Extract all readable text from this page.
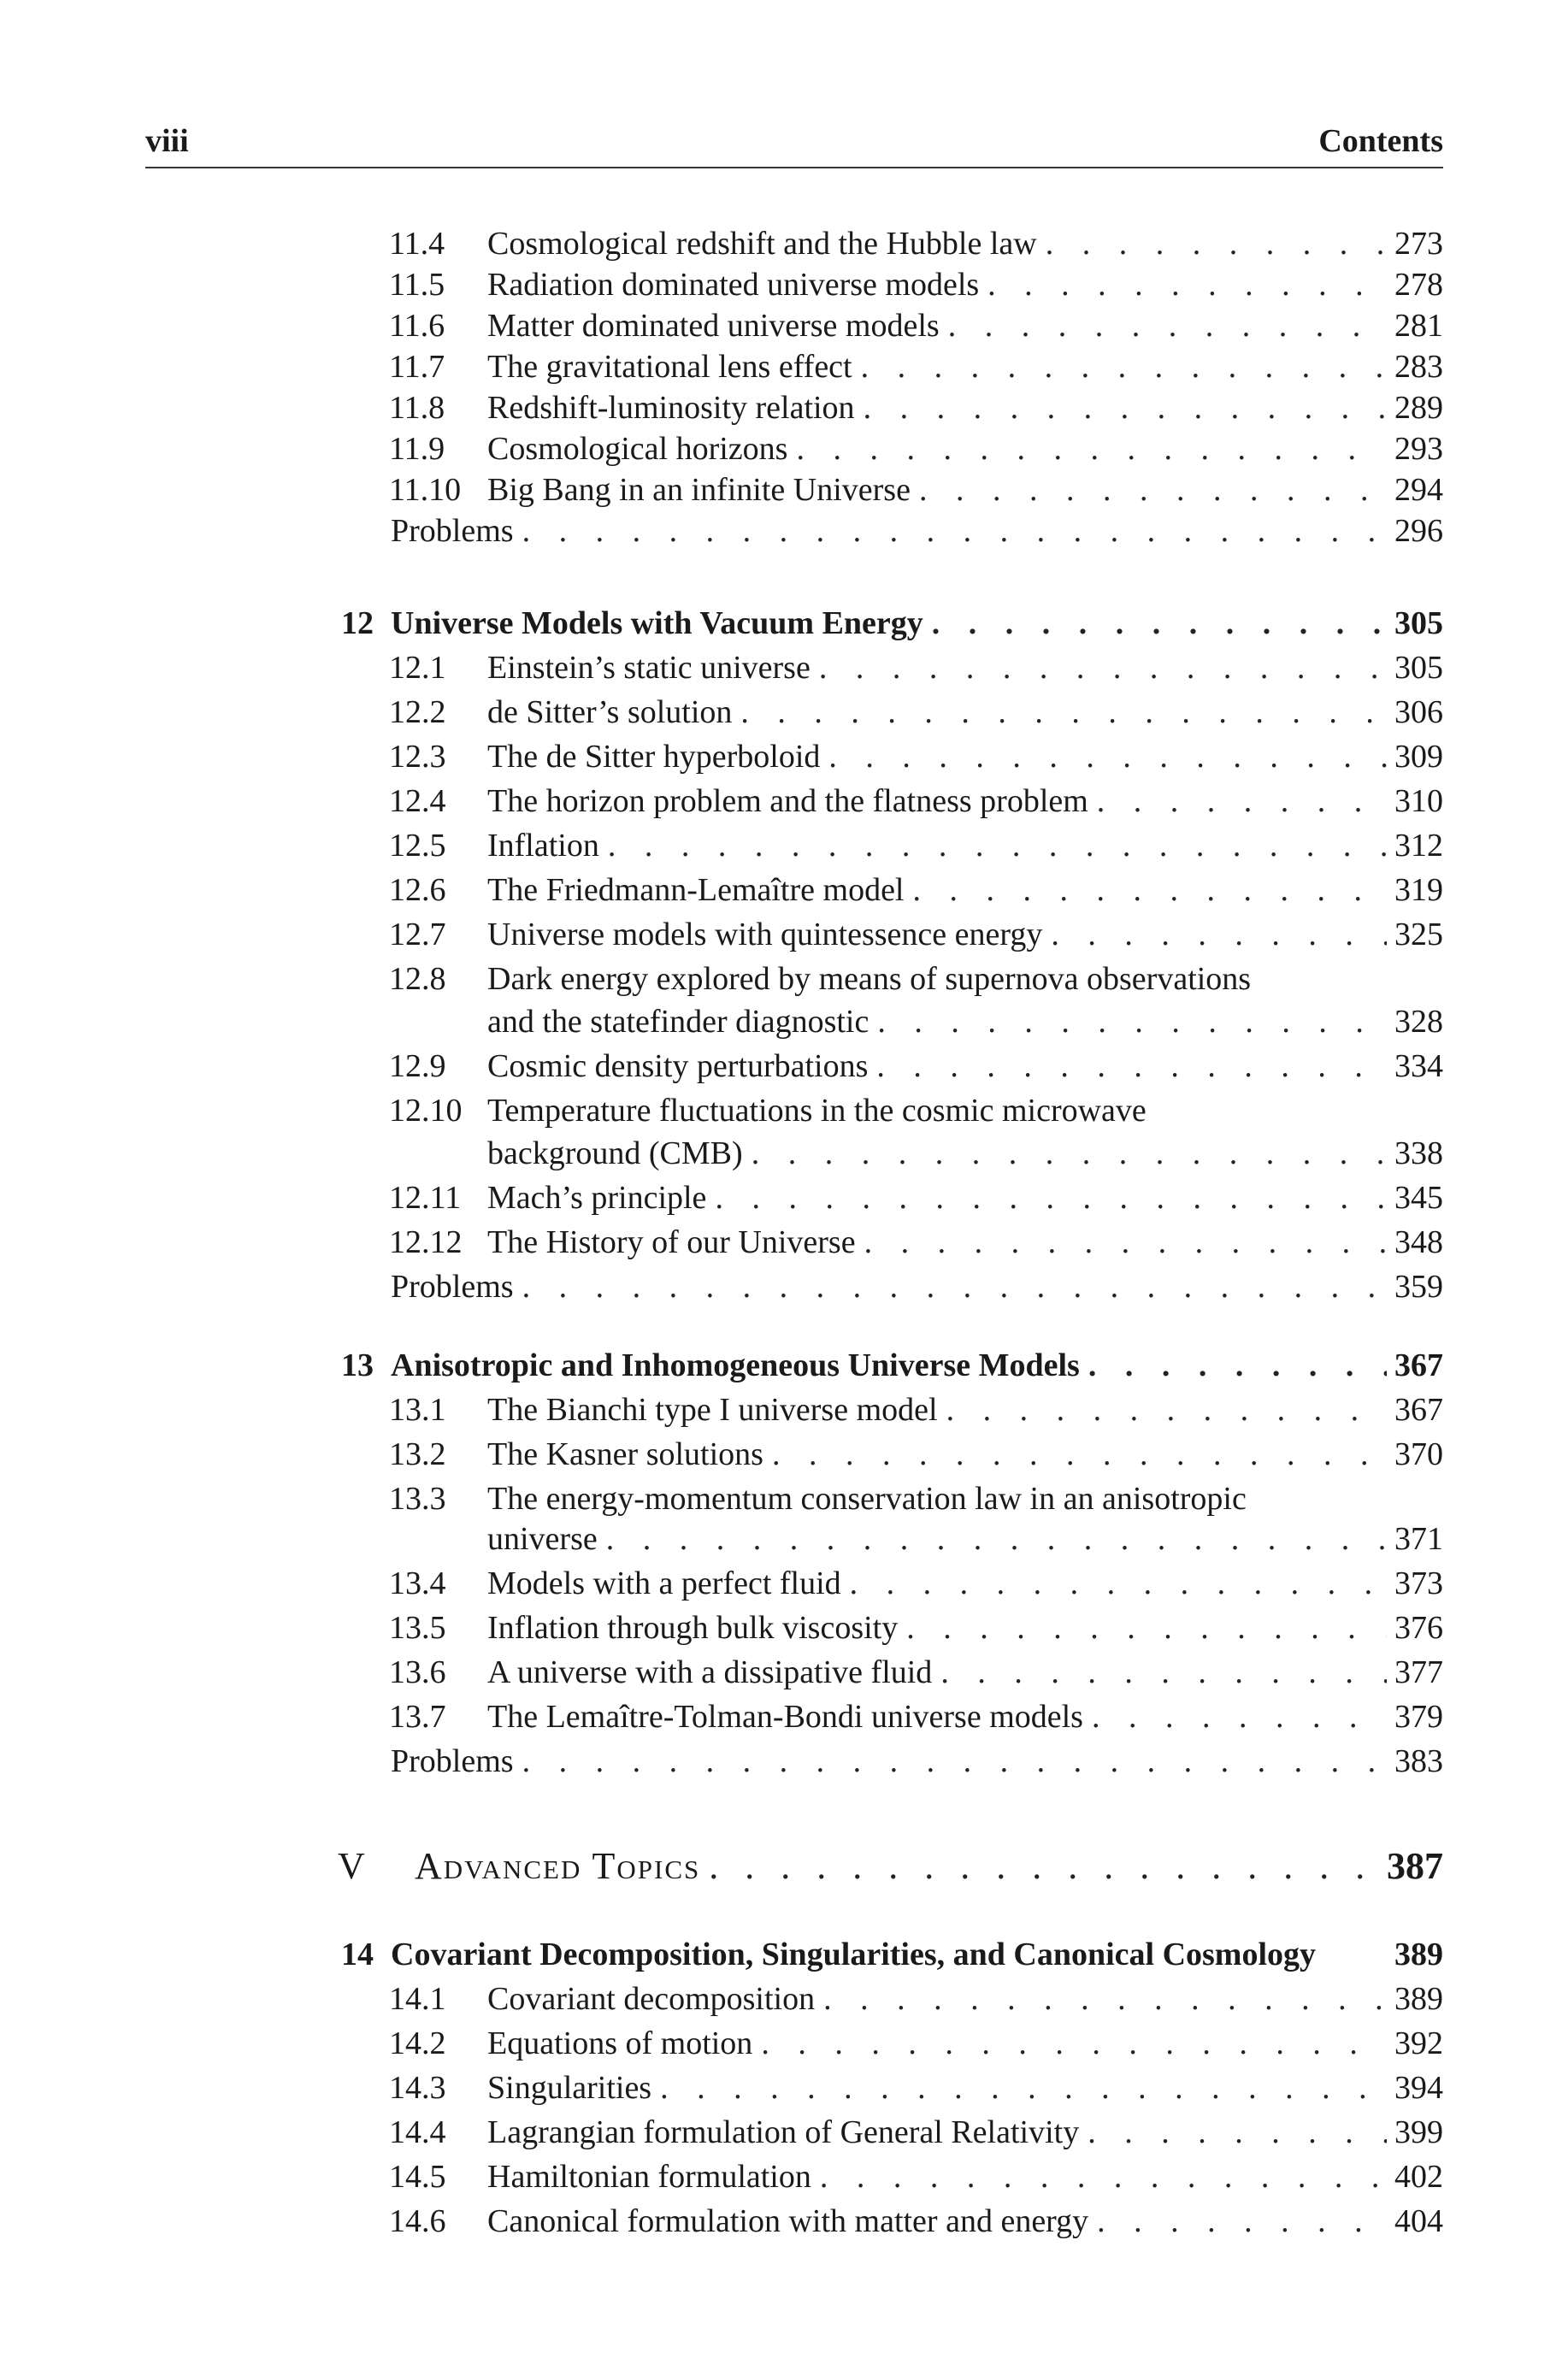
viii	Contents
11.4 Cosmological redshift and the Hubble law . . .	273
11.5 Radiation dominated universe models . . .	278
11.6 Matter dominated universe models . . .	281
11.7 The gravitational lens effect . . .	283
11.8 Redshift-luminosity relation . . .	289
11.9 Cosmological horizons . . .	293
11.10 Big Bang in an infinite Universe . . .	294
Problems . . .	296
12 Universe Models with Vacuum Energy . . .	305
12.1 Einstein’s static universe . . .	305
12.2 de Sitter’s solution . . .	306
12.3 The de Sitter hyperboloid . . .	309
12.4 The horizon problem and the flatness problem . . .	310
12.5 Inflation . . .	312
12.6 The Friedmann-Lemaître model . . .	319
12.7 Universe models with quintessence energy . . .	325
12.8 Dark energy explored by means of supernova observations
and the statefinder diagnostic . . .	328
12.9 Cosmic density perturbations . . .	334
12.10 Temperature fluctuations in the cosmic microwave
background (CMB) . . .	338
12.11 Mach’s principle . . .	345
12.12 The History of our Universe . . .	348
Problems . . .	359
13 Anisotropic and Inhomogeneous Universe Models . . .	367
13.1 The Bianchi type I universe model . . .	367
13.2 The Kasner solutions . . .	370
13.3 The energy-momentum conservation law in an anisotropic
universe . . .	371
13.4 Models with a perfect fluid . . .	373
13.5 Inflation through bulk viscosity . . .	376
13.6 A universe with a dissipative fluid . . .	377
13.7 The Lemaître-Tolman-Bondi universe models . . .	379
Problems . . .	383
V Advanced Topics . . .	387
14 Covariant Decomposition, Singularities, and Canonical Cosmology 389
14.1 Covariant decomposition . . .	389
14.2 Equations of motion . . .	392
14.3 Singularities . . .	394
14.4 Lagrangian formulation of General Relativity . . .	399
14.5 Hamiltonian formulation . . .	402
14.6 Canonical formulation with matter and energy . . .	404
